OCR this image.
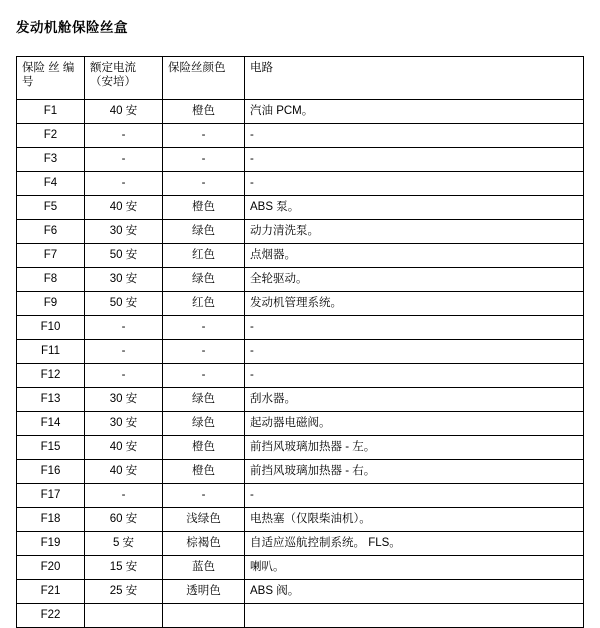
发动机舱保险丝盒
保险 丝 编号	额定电流 （安培）	保险丝颜色	电路
F1	40 安	橙色	汽油 PCM。
F2	-	-	-
F3	-	-	-
F4	-	-	-
F5	40 安	橙色	ABS 泵。
F6	30 安	绿色	动力清洗泵。
F7	50 安	红色	点烟器。
F8	30 安	绿色	全轮驱动。
F9	50 安	红色	发动机管理系统。
F10	-	-	-
F11	-	-	-
F12	-	-	-
F13	30 安	绿色	刮水器。
F14	30 安	绿色	起动器电磁阀。
F15	40 安	橙色	前挡风玻璃加热器 - 左。
F16	40 安	橙色	前挡风玻璃加热器 - 右。
F17	-	-	-
F18	60 安	浅绿色	电热塞（仅限柴油机）。
F19	5 安	棕褐色	自适应巡航控制系统。 FLS。
F20	15 安	蓝色	喇叭。
F21	25 安	透明色	ABS 阀。
F22			
